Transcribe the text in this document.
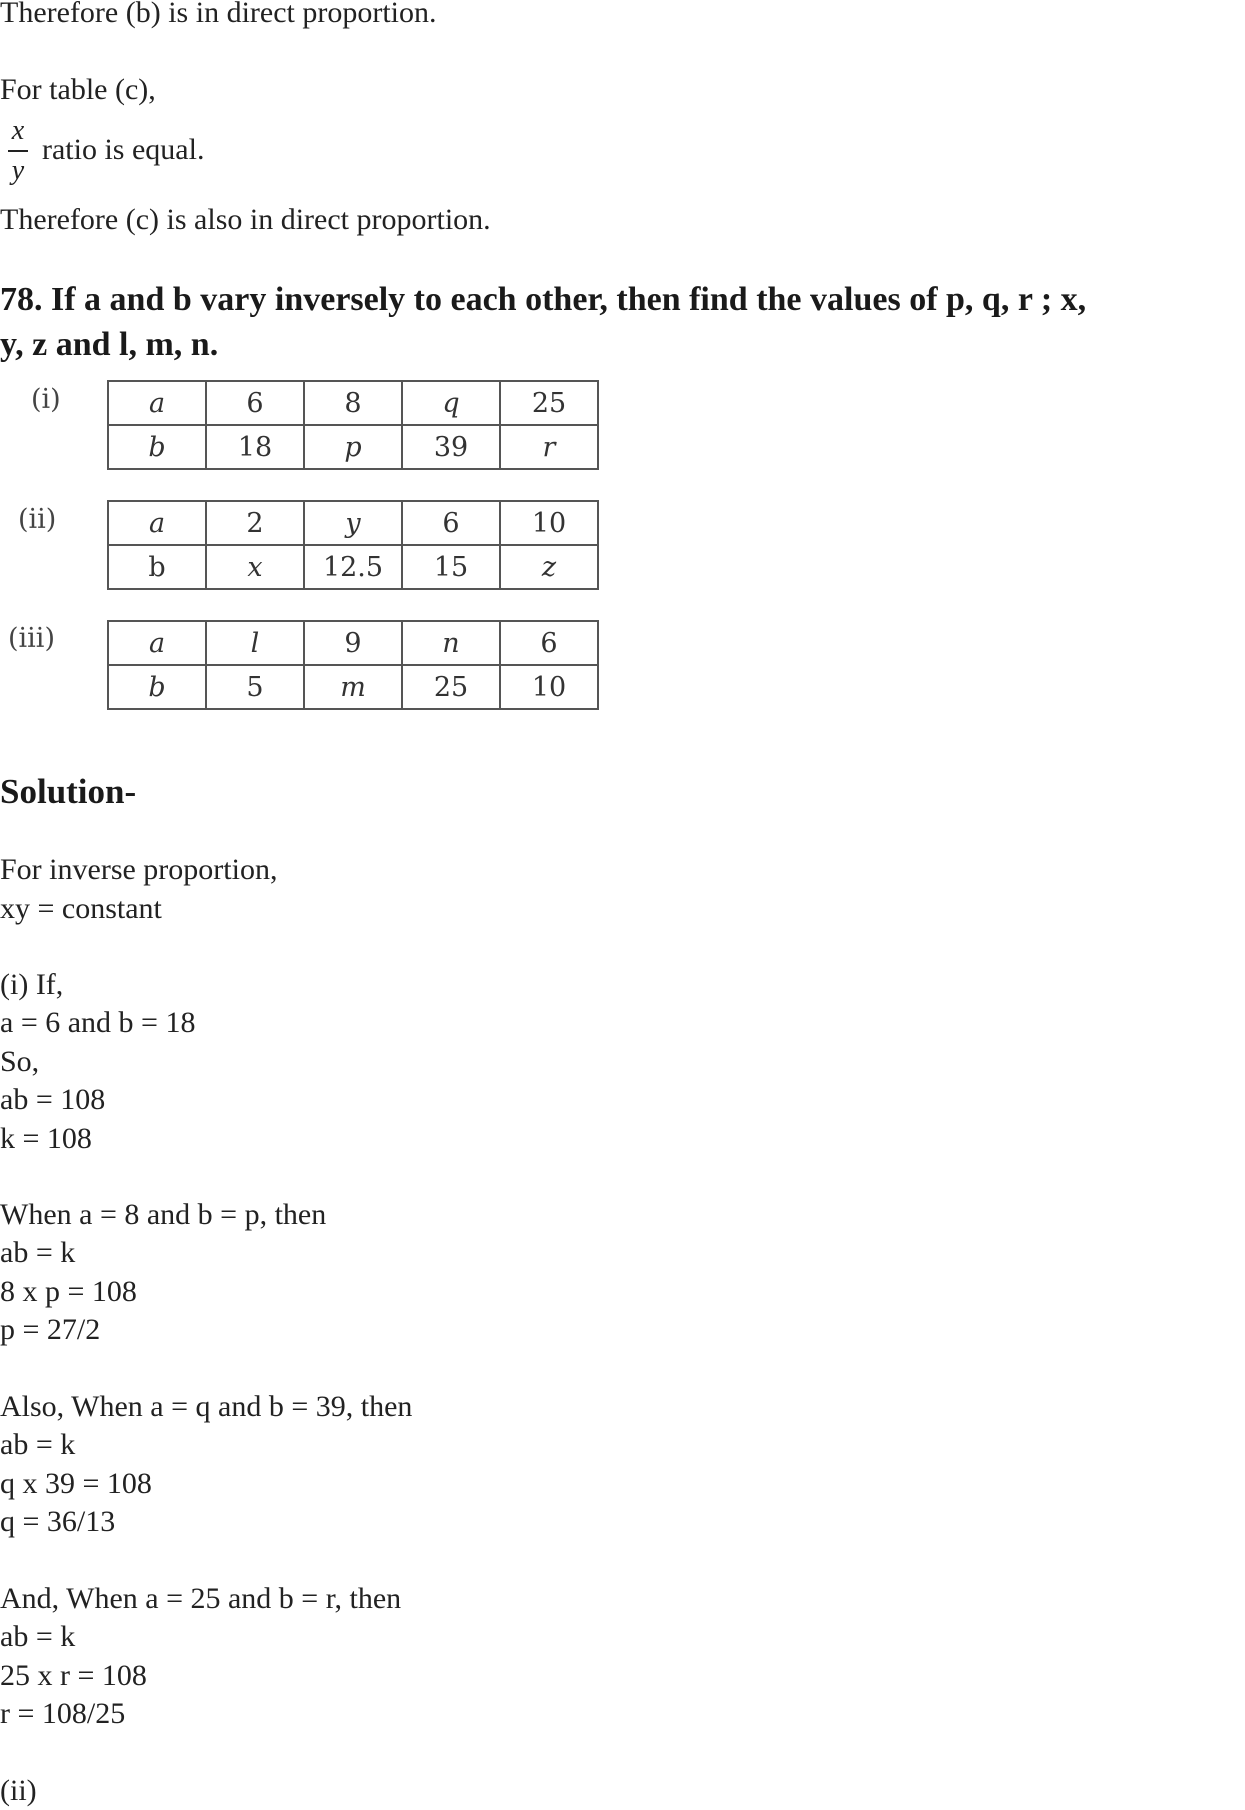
Therefore (b) is in direct proportion.
For table (c),
x
y
ratio is equal.
Therefore (c) is also in direct proportion.
78. If a and b vary inversely to each other, then find the values of p, q, r ; x,
y, z and l, m, n.
(i)	a	6	8	q	25
b	18	p	39	r
(ii)	a	2	y	6	10
b	x	12.5	15	z
(iii)	a	l	9	n	6
b	5	m	25	10
Solution-
For inverse proportion,
xy = constant
(i) If,
a = 6 and b = 18
So,
ab = 108
k = 108
When a = 8 and b = p, then
ab = k
8 x p = 108
p = 27/2
Also, When a = q and b = 39, then
ab = k
q x 39 = 108
q = 36/13
And, When a = 25 and b = r, then
ab = k
25 x r = 108
r = 108/25
(ii)
